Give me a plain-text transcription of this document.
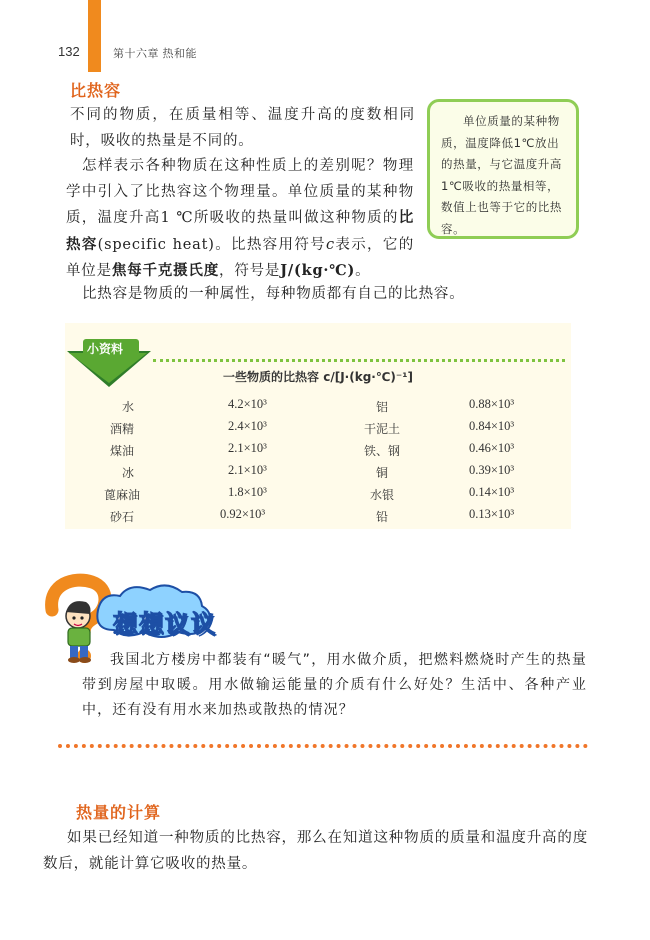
132	第十六章 热和能
比热容
不同的物质，在质量相等、温度升高的度数相同时，吸收的热量是不同的。
怎样表示各种物质在这种性质上的差别呢？物理学中引入了比热容这个物理量。单位质量的某种物质，温度升高1 ℃所吸收的热量叫做这种物质的比热容(specific heat)。比热容用符号c表示，它的单位是焦每千克摄氏度，符号是J/(kg·℃)。
比热容是物质的一种属性，每种物质都有自己的比热容。
单位质量的某种物质，温度降低1℃放出的热量，与它温度升高1℃吸收的热量相等，数值上也等于它的比热容。
小资料
一些物质的比热容 c/[J·(kg·℃)⁻¹]
水	4.2×10³	铝	0.88×10³
酒精	2.4×10³	干泥土	0.84×10³
煤油	2.1×10³	铁、钢	0.46×10³
冰	2.1×10³	铜	0.39×10³
蓖麻油	1.8×10³	水银	0.14×10³
砂石	0.92×10³	铅	0.13×10³
想想议议
我国北方楼房中都装有“暖气”，用水做介质，把燃料燃烧时产生的热量带到房屋中取暖。用水做输运能量的介质有什么好处？生活中、各种产业中，还有没有用水来加热或散热的情况？
热量的计算
如果已经知道一种物质的比热容，那么在知道这种物质的质量和温度升高的度数后，就能计算它吸收的热量。
